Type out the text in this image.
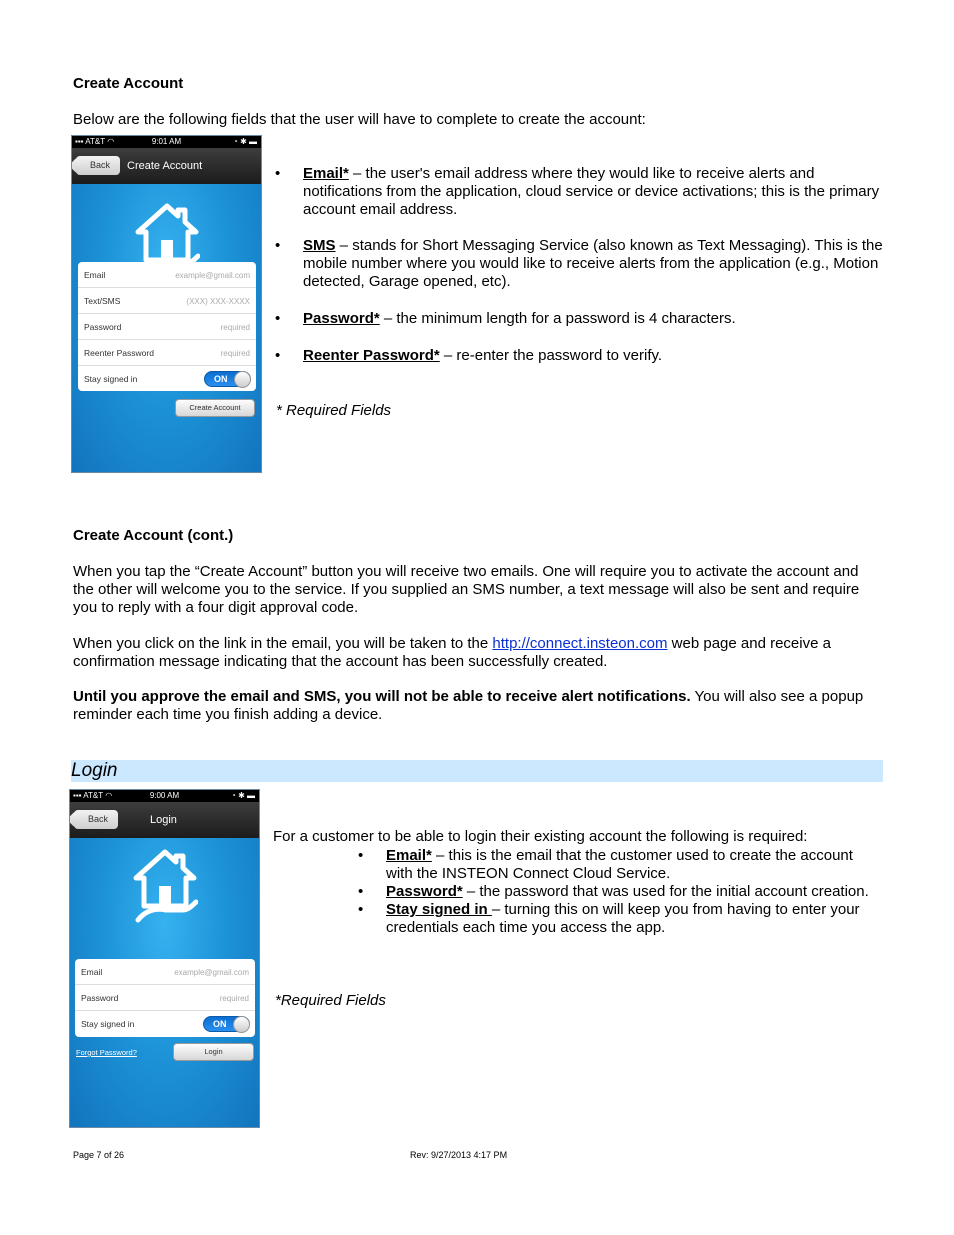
Create Account
Below are the following fields that the user will have to complete to create the account:
▪▪▪ AT&T ◠	9:01 AM	◔ ✱ ▬
Back	Create Account
Email	example@gmail.com
Text/SMS	(XXX) XXX-XXXX
Password	required
Reenter Password	required
Stay signed in	ON
Create Account
• Email* – the user's email address where they would like to receive alerts and notifications from the application, cloud service or device activations; this is the primary account email address.
• SMS – stands for Short Messaging Service (also known as Text Messaging). This is the mobile number where you would like to receive alerts from the application (e.g., Motion detected, Garage opened, etc).
• Password* – the minimum length for a password is 4 characters.
• Reenter Password* – re-enter the password to verify.
* Required Fields
Create Account (cont.)
When you tap the “Create Account” button you will receive two emails. One will require you to activate the account and the other will welcome you to the service. If you supplied an SMS number, a text message will also be sent and require you to reply with a four digit approval code.
When you click on the link in the email, you will be taken to the http://connect.insteon.com web page and receive a confirmation message indicating that the account has been successfully created.
Until you approve the email and SMS, you will not be able to receive alert notifications. You will also see a popup reminder each time you finish adding a device.
Login
▪▪▪ AT&T ◠	9:00 AM	◔ ✱ ▬
Back	Login
Email	example@gmail.com
Password	required
Stay signed in	ON
Forgot Password?	Login
For a customer to be able to login their existing account the following is required:
• Email* – this is the email that the customer used to create the account with the INSTEON Connect Cloud Service.
• Password* – the password that was used for the initial account creation.
• Stay signed in – turning this on will keep you from having to enter your credentials each time you access the app.
*Required Fields
Page 7 of 26	Rev: 9/27/2013 4:17 PM
